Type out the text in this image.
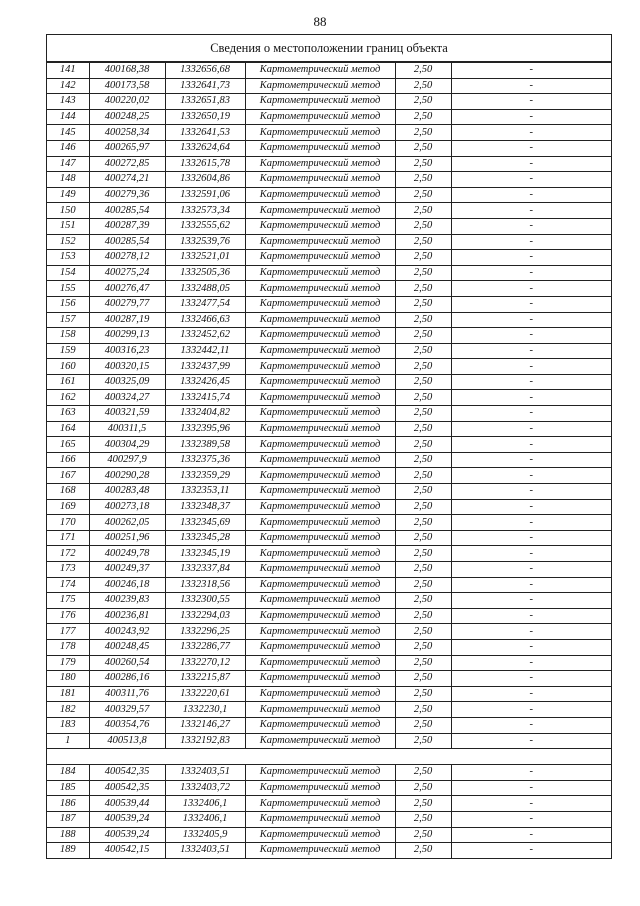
88
Сведения о местоположении границ объекта
141	400168,38	1332656,68	Картометрический метод	2,50	-
142	400173,58	1332641,73	Картометрический метод	2,50	-
143	400220,02	1332651,83	Картометрический метод	2,50	-
144	400248,25	1332650,19	Картометрический метод	2,50	-
145	400258,34	1332641,53	Картометрический метод	2,50	-
146	400265,97	1332624,64	Картометрический метод	2,50	-
147	400272,85	1332615,78	Картометрический метод	2,50	-
148	400274,21	1332604,86	Картометрический метод	2,50	-
149	400279,36	1332591,06	Картометрический метод	2,50	-
150	400285,54	1332573,34	Картометрический метод	2,50	-
151	400287,39	1332555,62	Картометрический метод	2,50	-
152	400285,54	1332539,76	Картометрический метод	2,50	-
153	400278,12	1332521,01	Картометрический метод	2,50	-
154	400275,24	1332505,36	Картометрический метод	2,50	-
155	400276,47	1332488,05	Картометрический метод	2,50	-
156	400279,77	1332477,54	Картометрический метод	2,50	-
157	400287,19	1332466,63	Картометрический метод	2,50	-
158	400299,13	1332452,62	Картометрический метод	2,50	-
159	400316,23	1332442,11	Картометрический метод	2,50	-
160	400320,15	1332437,99	Картометрический метод	2,50	-
161	400325,09	1332426,45	Картометрический метод	2,50	-
162	400324,27	1332415,74	Картометрический метод	2,50	-
163	400321,59	1332404,82	Картометрический метод	2,50	-
164	400311,5	1332395,96	Картометрический метод	2,50	-
165	400304,29	1332389,58	Картометрический метод	2,50	-
166	400297,9	1332375,36	Картометрический метод	2,50	-
167	400290,28	1332359,29	Картометрический метод	2,50	-
168	400283,48	1332353,11	Картометрический метод	2,50	-
169	400273,18	1332348,37	Картометрический метод	2,50	-
170	400262,05	1332345,69	Картометрический метод	2,50	-
171	400251,96	1332345,28	Картометрический метод	2,50	-
172	400249,78	1332345,19	Картометрический метод	2,50	-
173	400249,37	1332337,84	Картометрический метод	2,50	-
174	400246,18	1332318,56	Картометрический метод	2,50	-
175	400239,83	1332300,55	Картометрический метод	2,50	-
176	400236,81	1332294,03	Картометрический метод	2,50	-
177	400243,92	1332296,25	Картометрический метод	2,50	-
178	400248,45	1332286,77	Картометрический метод	2,50	-
179	400260,54	1332270,12	Картометрический метод	2,50	-
180	400286,16	1332215,87	Картометрический метод	2,50	-
181	400311,76	1332220,61	Картометрический метод	2,50	-
182	400329,57	1332230,1	Картометрический метод	2,50	-
183	400354,76	1332146,27	Картометрический метод	2,50	-
1	400513,8	1332192,83	Картометрический метод	2,50	-

184	400542,35	1332403,51	Картометрический метод	2,50	-
185	400542,35	1332403,72	Картометрический метод	2,50	-
186	400539,44	1332406,1	Картометрический метод	2,50	-
187	400539,24	1332406,1	Картометрический метод	2,50	-
188	400539,24	1332405,9	Картометрический метод	2,50	-
189	400542,15	1332403,51	Картометрический метод	2,50	-
